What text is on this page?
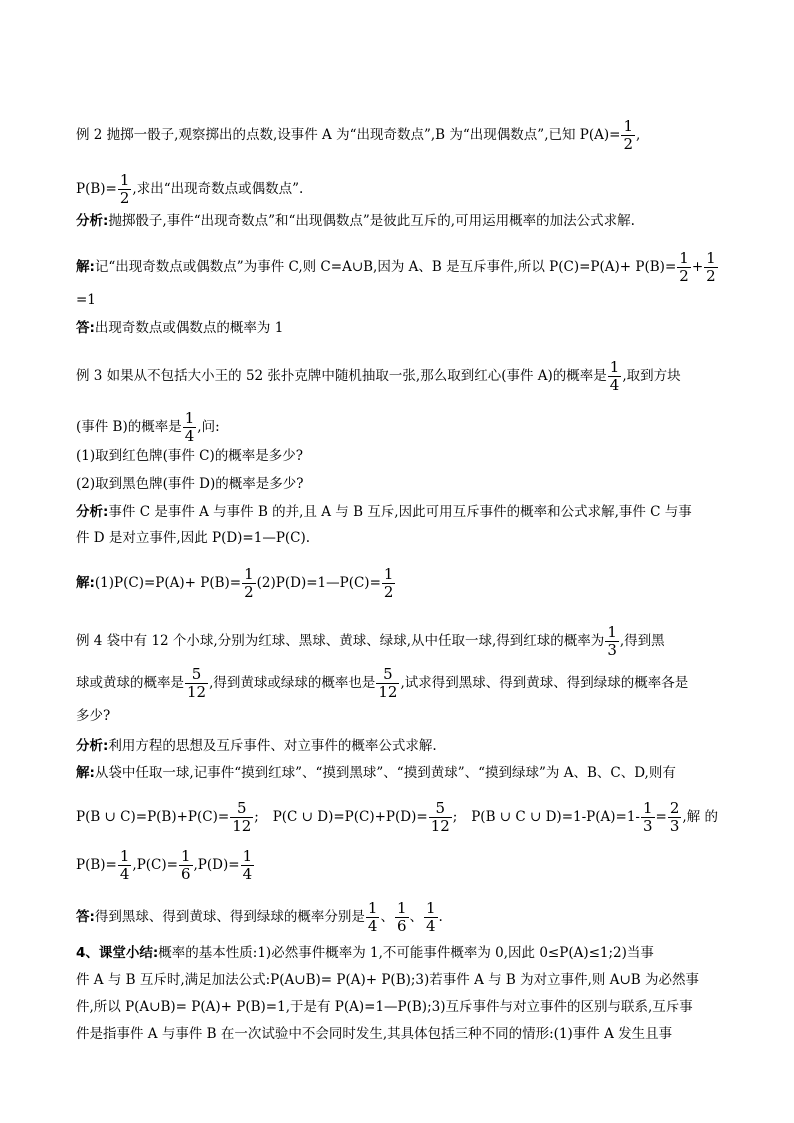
例 2 抛掷一骰子,观察掷出的点数,设事件 A 为“出现奇数点”,B 为“出现偶数点”,已知 $P(A)= \frac{1}{2}$ ,
$P(B)= \frac{1}{2}$ ,求出“出现奇数点或偶数点”.
分析:抛掷骰子,事件“出现奇数点”和“出现偶数点”是彼此互斥的,可用运用概率的加法公式求解.
解:记“出现奇数点或偶数点”为事件 C,则 C=A∪B,因为 A、B 是互斥事件,所以 $P(C)=P(A)+ P(B)= \frac{1}{2} + \frac{1}{2}$
=1
答:出现奇数点或偶数点的概率为 1
例 3 如果从不包括大小王的 52 张扑克牌中随机抽取一张,那么取到红心(事件 A)的概率是 $\frac{1}{4}$ ,取到方块
(事件 B)的概率是 $\frac{1}{4}$ ,问:
(1)取到红色牌(事件 C)的概率是多少?
(2)取到黑色牌(事件 D)的概率是多少?
分析:事件 C 是事件 A 与事件 B 的并,且 A 与 B 互斥,因此可用互斥事件的概率和公式求解,事件 C 与事
件 D 是对立事件,因此 P(D)=1—P(C).
解:(1)P(C)=P(A)+ $P(B)= \frac{1}{2}$ (2)P(D)=1—P(C)= $\frac{1}{2}$
例 4 袋中有 12 个小球,分别为红球、黑球、黄球、绿球,从中任取一球,得到红球的概率为 $\frac{1}{3}$ ,得到黑
球或黄球的概率是 $\frac{5}{12}$ ,得到黄球或绿球的概率也是 $\frac{5}{12}$ ,试求得到黑球、得到黄球、得到绿球的概率各是
多少?
分析:利用方程的思想及互斥事件、对立事件的概率公式求解.
解:从袋中任取一球,记事件“摸到红球”、“摸到黑球”、“摸到黄球”、“摸到绿球”为 A、B、C、D,则有
P(B ∪ $C)=P(B)+P(C)= \frac{5}{12}$ ; P(C ∪ $D)=P(C)+P(D)= \frac{5}{12}$ ; P(B ∪ C ∪ $D)=1-P(A)=1- \frac{1}{3} = \frac{2}{3}$ ,解 的
$P(B)= \frac{1}{4} ,P(C)= \frac{1}{6} ,P(D)= \frac{1}{4}$
答:得到黑球、得到黄球、得到绿球的概率分别是 $\frac{1}{4}$ 、 $\frac{1}{6}$ 、 $\frac{1}{4}$ .
4、课堂小结:概率的基本性质:1)必然事件概率为 1,不可能事件概率为 0,因此 0≤P(A)≤1;2)当事
件 A 与 B 互斥时,满足加法公式:P(A∪B)= P(A)+ P(B);3)若事件 A 与 B 为对立事件,则 A∪B 为必然事
件,所以 P(A∪B)= P(A)+ P(B)=1,于是有 P(A)=1—P(B);3)互斥事件与对立事件的区别与联系,互斥事
件是指事件 A 与事件 B 在一次试验中不会同时发生,其具体包括三种不同的情形:(1)事件 A 发生且事
